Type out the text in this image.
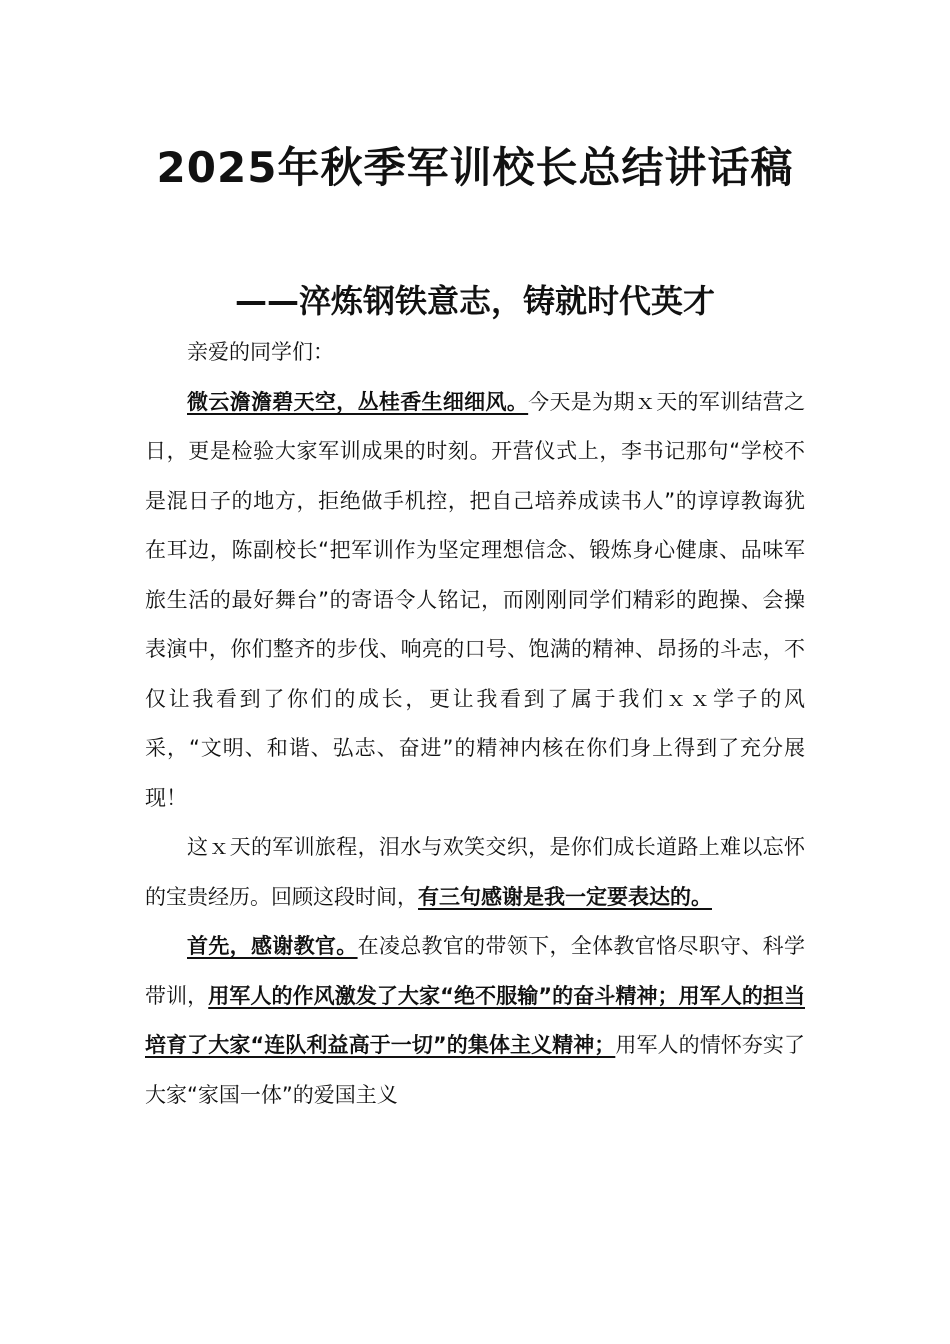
2025年秋季军训校长总结讲话稿
——淬炼钢铁意志，铸就时代英才

亲爱的同学们：

微云澹澹碧天空，丛桂香生细细风。今天是为期ｘ天的军训结营之日，更是检验大家军训成果的时刻。开营仪式上，李书记那句“学校不是混日子的地方，拒绝做手机控，把自己培养成读书人”的谆谆教诲犹在耳边，陈副校长“把军训作为坚定理想信念、锻炼身心健康、品味军旅生活的最好舞台”的寄语令人铭记，而刚刚同学们精彩的跑操、会操表演中，你们整齐的步伐、响亮的口号、饱满的精神、昂扬的斗志，不仅让我看到了你们的成长，更让我看到了属于我们ｘｘ学子的风采，“文明、和谐、弘志、奋进”的精神内核在你们身上得到了充分展现！

这ｘ天的军训旅程，泪水与欢笑交织，是你们成长道路上难以忘怀的宝贵经历。回顾这段时间，有三句感谢是我一定要表达的。

首先，感谢教官。在凌总教官的带领下，全体教官恪尽职守、科学带训，用军人的作风激发了大家“绝不服输”的奋斗精神；用军人的担当培育了大家“连队利益高于一切”的集体主义精神；用军人的情怀夯实了大家“家国一体”的爱国主义
